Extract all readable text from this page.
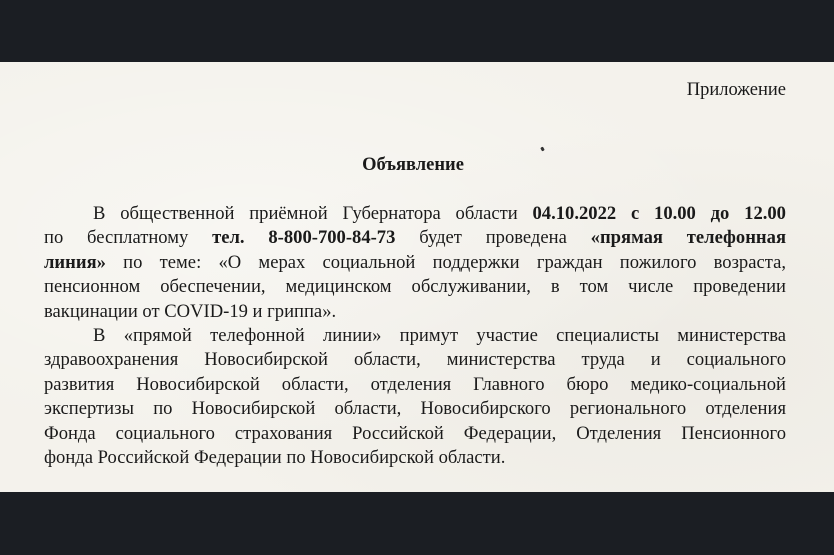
Приложение
Объявление
В общественной приёмной Губернатора области 04.10.2022 с 10.00 до 12.00
по бесплатному тел. 8-800-700-84-73 будет проведена «прямая телефонная
линия» по теме: «О мерах социальной поддержки граждан пожилого возраста,
пенсионном обеспечении, медицинском обслуживании, в том числе проведении
вакцинации от COVID-19 и гриппа».
В «прямой телефонной линии» примут участие специалисты министерства
здравоохранения Новосибирской области, министерства труда и социального
развития Новосибирской области, отделения Главного бюро медико-социальной
экспертизы по Новосибирской области, Новосибирского регионального отделения
Фонда социального страхования Российской Федерации, Отделения Пенсионного
фонда Российской Федерации по Новосибирской области.
